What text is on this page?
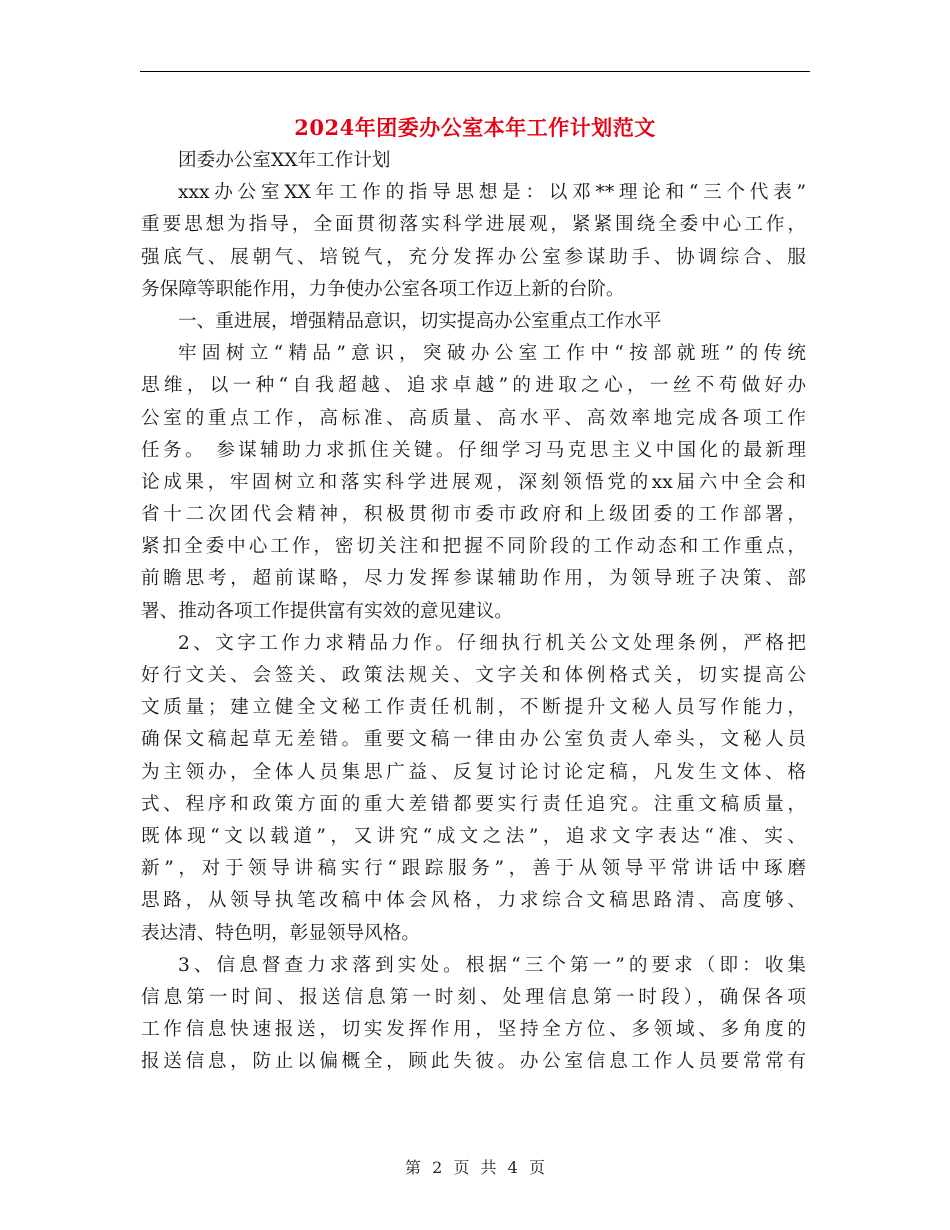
2024年团委办公室本年工作计划范文
团委办公室XX年工作计划
xxx办公室XX年工作的指导思想是：以邓**理论和“三个代表”
重要思想为指导，全面贯彻落实科学进展观，紧紧围绕全委中心工作，
强底气、展朝气、培锐气，充分发挥办公室参谋助手、协调综合、服
务保障等职能作用，力争使办公室各项工作迈上新的台阶。
一、重进展，增强精品意识，切实提高办公室重点工作水平
牢固树立“精品”意识，突破办公室工作中“按部就班”的传统
思维，以一种“自我超越、追求卓越”的进取之心，一丝不苟做好办
公室的重点工作，高标准、高质量、高水平、高效率地完成各项工作
任务。 参谋辅助力求抓住关键。仔细学习马克思主义中国化的最新理
论成果，牢固树立和落实科学进展观，深刻领悟党的xx届六中全会和
省十二次团代会精神，积极贯彻市委市政府和上级团委的工作部署，
紧扣全委中心工作，密切关注和把握不同阶段的工作动态和工作重点，
前瞻思考，超前谋略，尽力发挥参谋辅助作用，为领导班子决策、部
署、推动各项工作提供富有实效的意见建议。
2、文字工作力求精品力作。仔细执行机关公文处理条例，严格把
好行文关、会签关、政策法规关、文字关和体例格式关，切实提高公
文质量；建立健全文秘工作责任机制，不断提升文秘人员写作能力，
确保文稿起草无差错。重要文稿一律由办公室负责人牵头，文秘人员
为主领办，全体人员集思广益、反复讨论讨论定稿，凡发生文体、格
式、程序和政策方面的重大差错都要实行责任追究。注重文稿质量，
既体现“文以载道”，又讲究“成文之法”，追求文字表达“准、实、
新”，对于领导讲稿实行“跟踪服务”，善于从领导平常讲话中琢磨
思路，从领导执笔改稿中体会风格，力求综合文稿思路清、高度够、
表达清、特色明，彰显领导风格。
3、信息督查力求落到实处。根据“三个第一”的要求（即：收集
信息第一时间、报送信息第一时刻、处理信息第一时段），确保各项
工作信息快速报送，切实发挥作用，坚持全方位、多领域、多角度的
报送信息，防止以偏概全，顾此失彼。办公室信息工作人员要常常有
第 2 页 共 4 页
